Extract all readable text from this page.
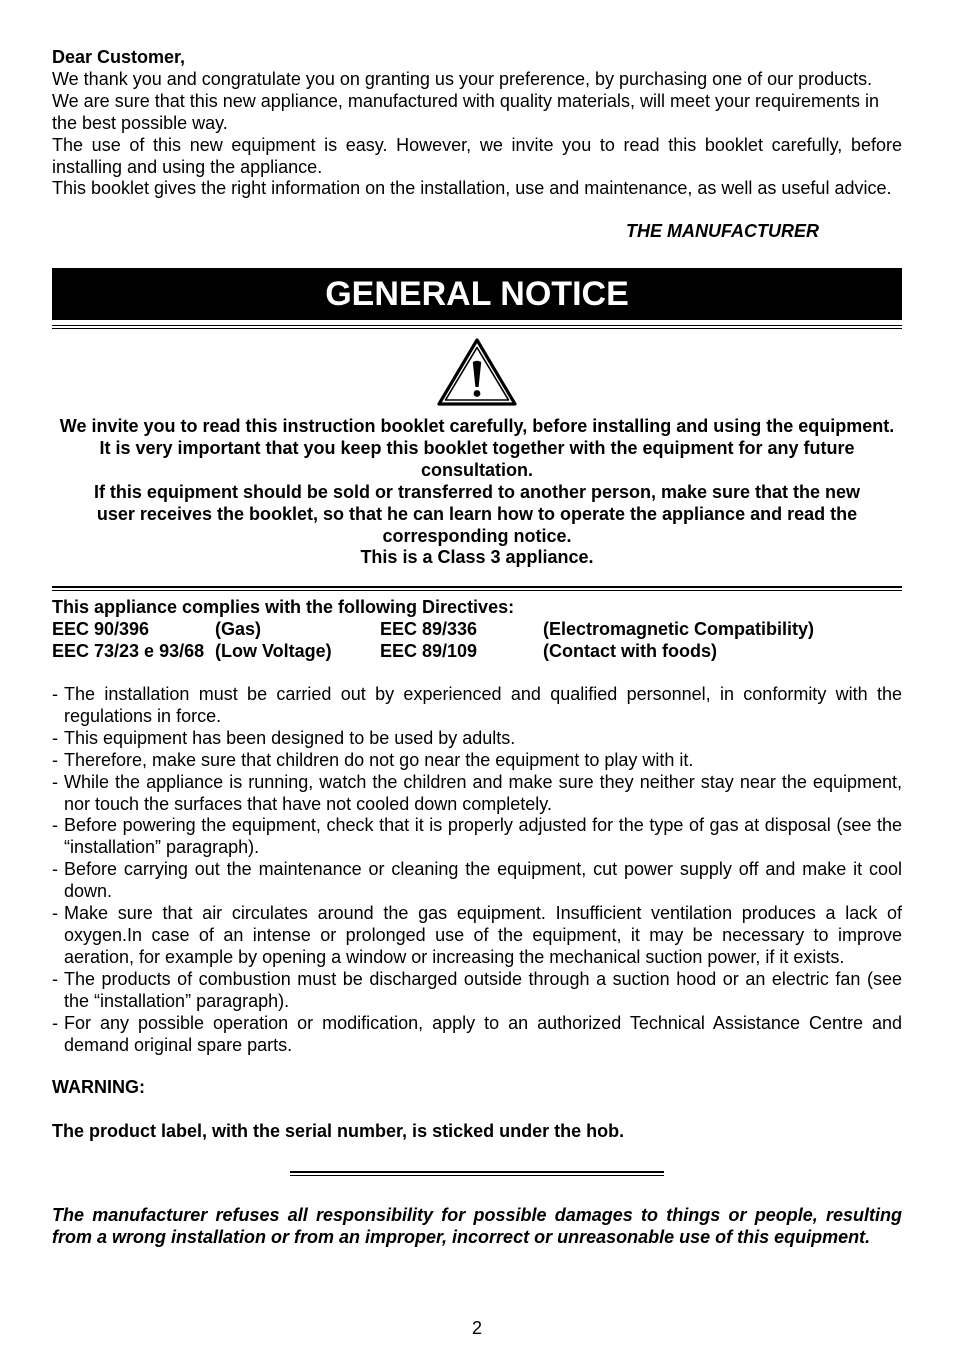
Dear Customer,

We thank you and congratulate you on granting us your preference, by purchasing one of our products.

We are sure that this new appliance, manufactured with quality materials, will meet your requirements in the best possible way.

The use of this new equipment is easy. However, we invite you to read this booklet carefully, before installing and using the appliance.

This booklet gives the right information on the installation, use and maintenance, as well as useful advice.

THE MANUFACTURER

GENERAL NOTICE
We invite you to read this instruction booklet carefully, before installing and using the equipment.
It is very important that you keep this booklet together with the equipment for any future
consultation.
If this equipment should be sold or transferred to another person, make sure that the new
user receives the booklet, so that he can learn how to operate the appliance and read the
corresponding notice.
This is a Class 3 appliance.

This appliance complies with the following Directives:

EEC 90/396	(Gas)	EEC 89/336	(Electromagnetic Compatibility)
EEC 73/23 e 93/68 (Low Voltage)	EEC 89/109	(Contact with foods)
- The installation must be carried out by experienced and qualified personnel, in conformity with the regulations in force.
- This equipment has been designed to be used by adults.
- Therefore, make sure that children do not go near the equipment to play with it.
- While the appliance is running, watch the children and make sure they neither stay near the equipment, nor touch the surfaces that have not cooled down completely.
- Before powering the equipment, check that it is properly adjusted for the type of gas at disposal (see the “installation” paragraph).
- Before carrying out the maintenance or cleaning the equipment, cut power supply off and make it cool down.
- Make sure that air circulates around the gas equipment. Insufficient ventilation produces a lack of oxygen.In case of an intense or prolonged use of the equipment, it may be necessary to improve aeration, for example by opening a window or increasing the mechanical suction power, if it exists.
- The products of combustion must be discharged outside through a suction hood or an electric fan (see the “installation” paragraph).
- For any possible operation or modification, apply to an authorized Technical Assistance Centre and demand original spare parts.

WARNING:

The product label, with the serial number, is sticked under the hob.

The manufacturer refuses all responsibility for possible damages to things or people, resulting from a wrong installation or from an improper, incorrect or unreasonable use of this equipment.

2
